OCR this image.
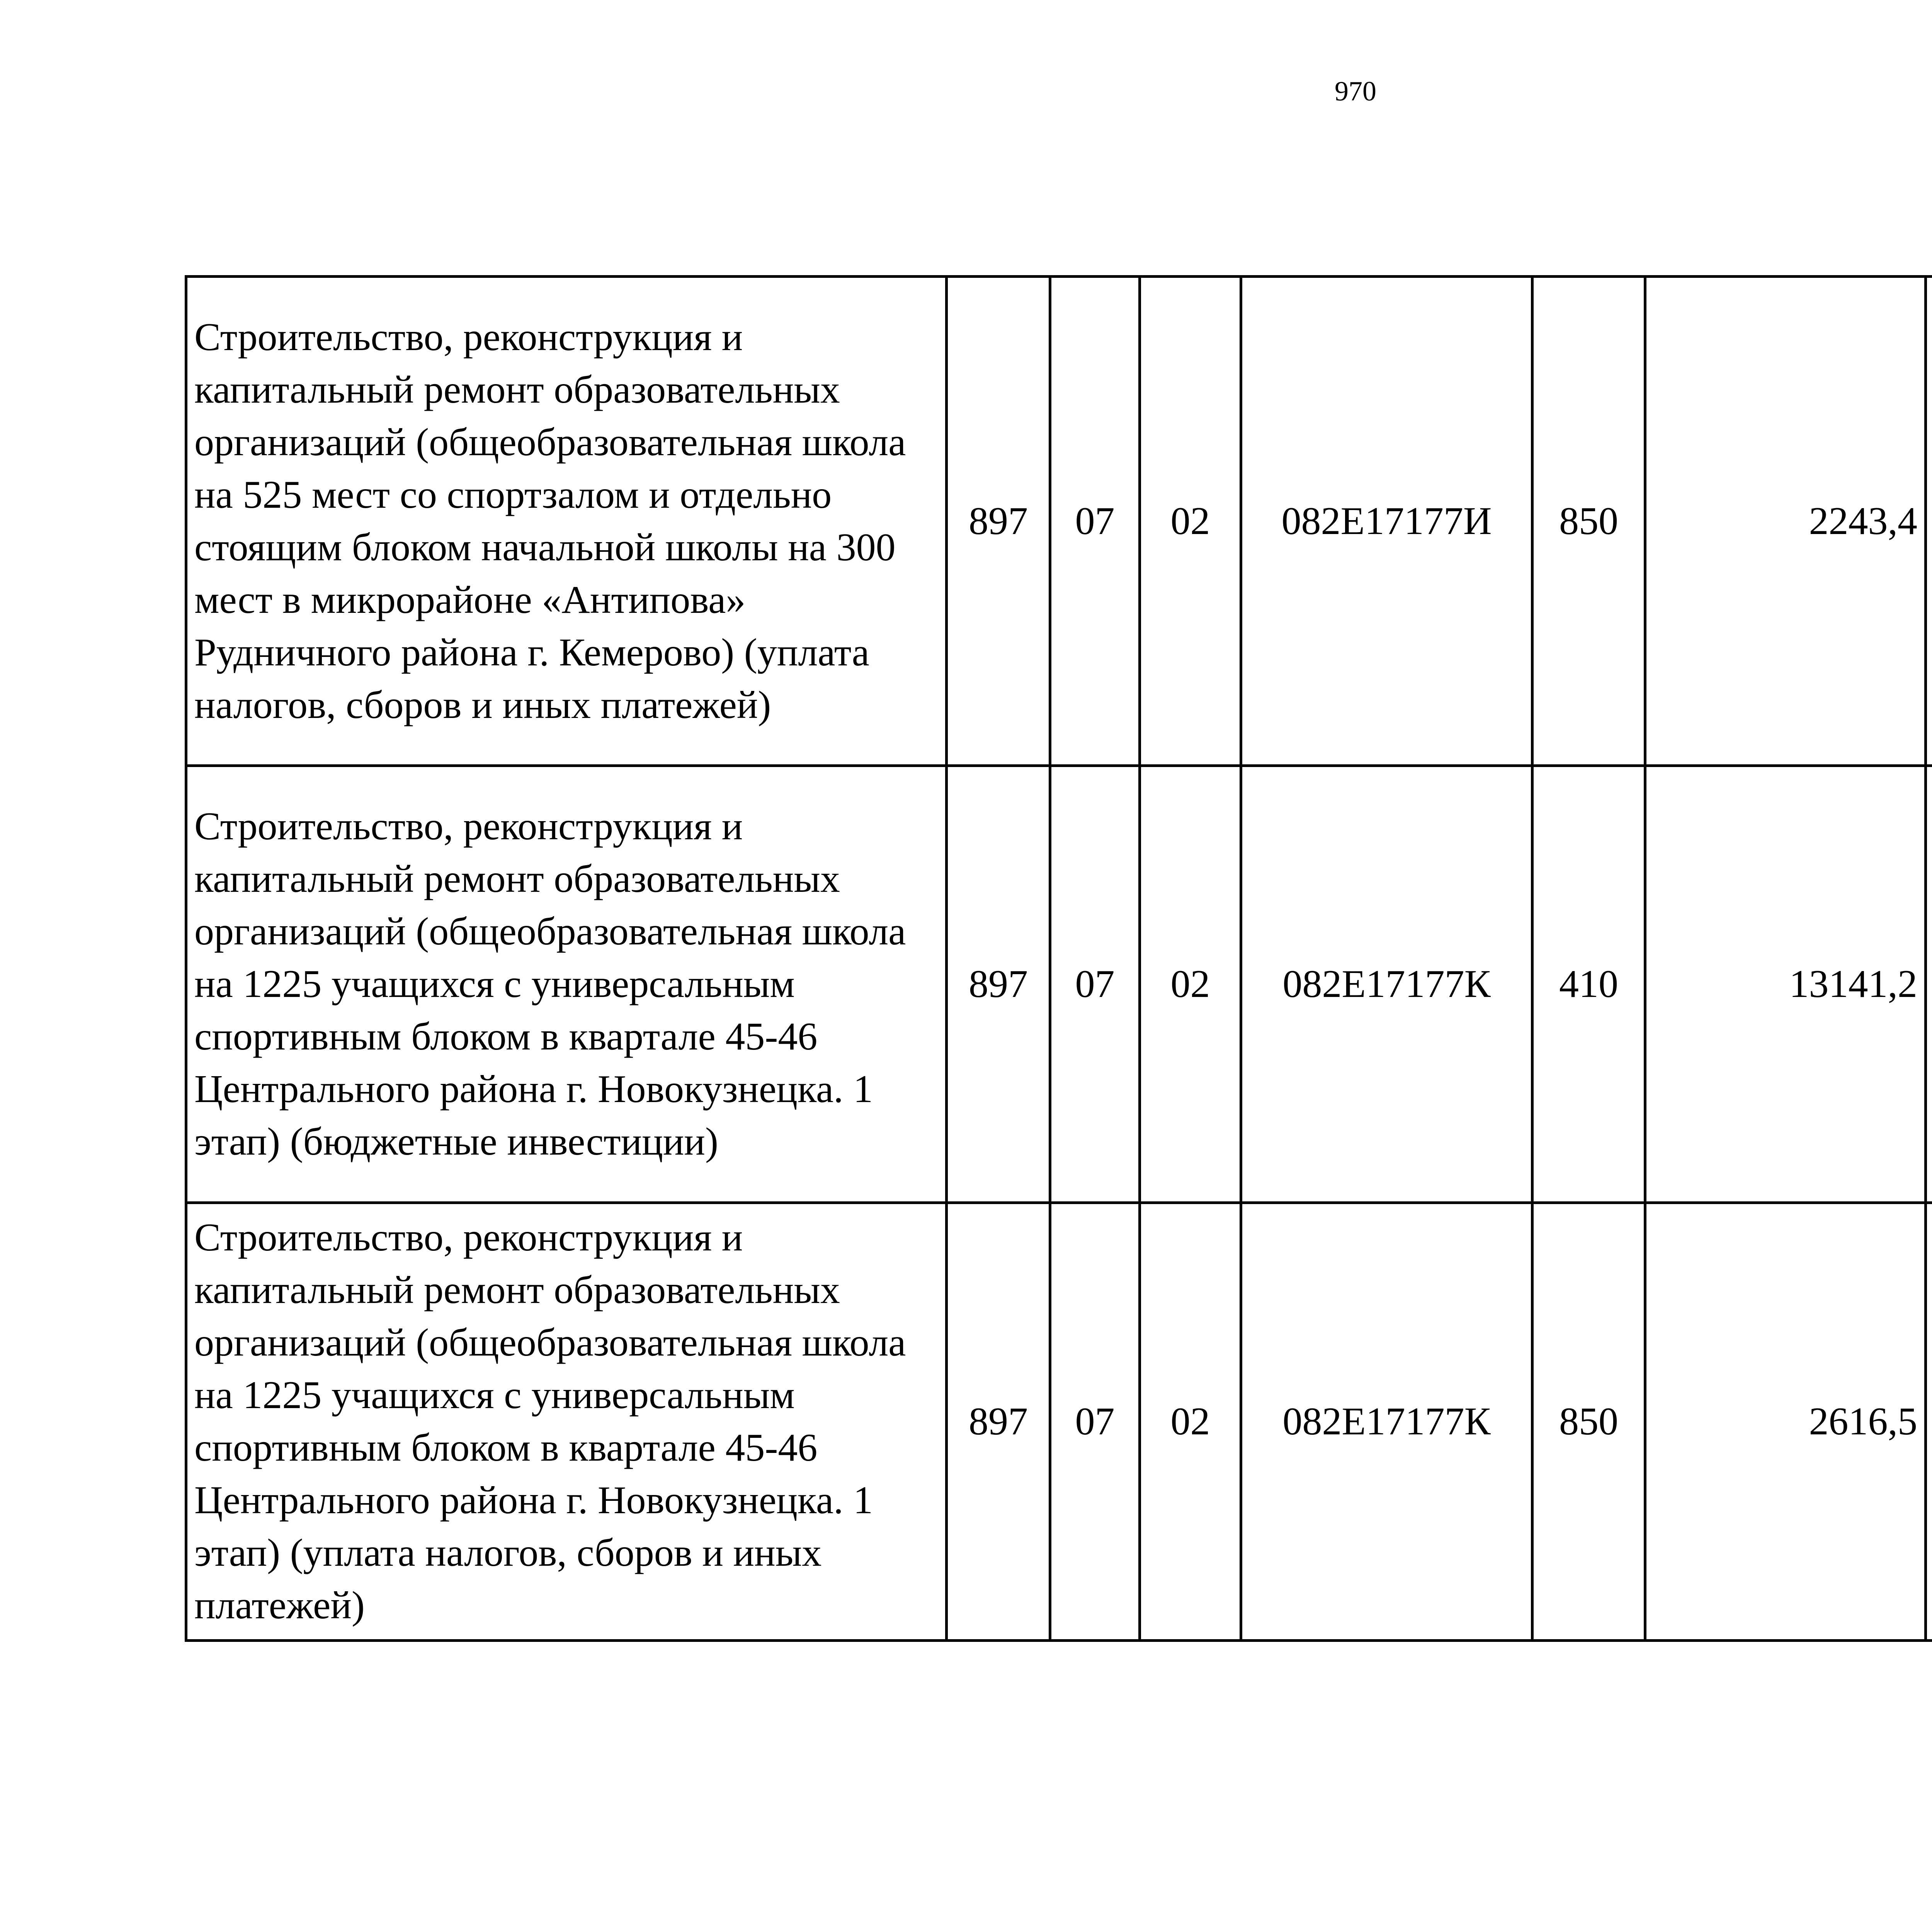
970
Строительство, реконструкция и капитальный ремонт образовательных организаций (общеобразовательная школа на 525 мест со спортзалом и отдельно стоящим блоком начальной школы на 300 мест в микрорайоне «Антипова» Рудничного района г. Кемерово) (уплата налогов, сборов и иных платежей)	897	07	02	082E17177И	850	2243,4		
Строительство, реконструкция и капитальный ремонт образовательных организаций (общеобразовательная школа на 1225 учащихся с универсальным спортивным блоком в квартале 45-46 Центрального района г. Новокузнецка. 1 этап) (бюджетные инвестиции)	897	07	02	082E17177К	410	13141,2		
Строительство, реконструкция и капитальный ремонт образовательных организаций (общеобразовательная школа на 1225 учащихся с универсальным спортивным блоком в квартале 45-46 Центрального района г. Новокузнецка. 1 этап) (уплата налогов, сборов и иных платежей)	897	07	02	082E17177К	850	2616,5		
